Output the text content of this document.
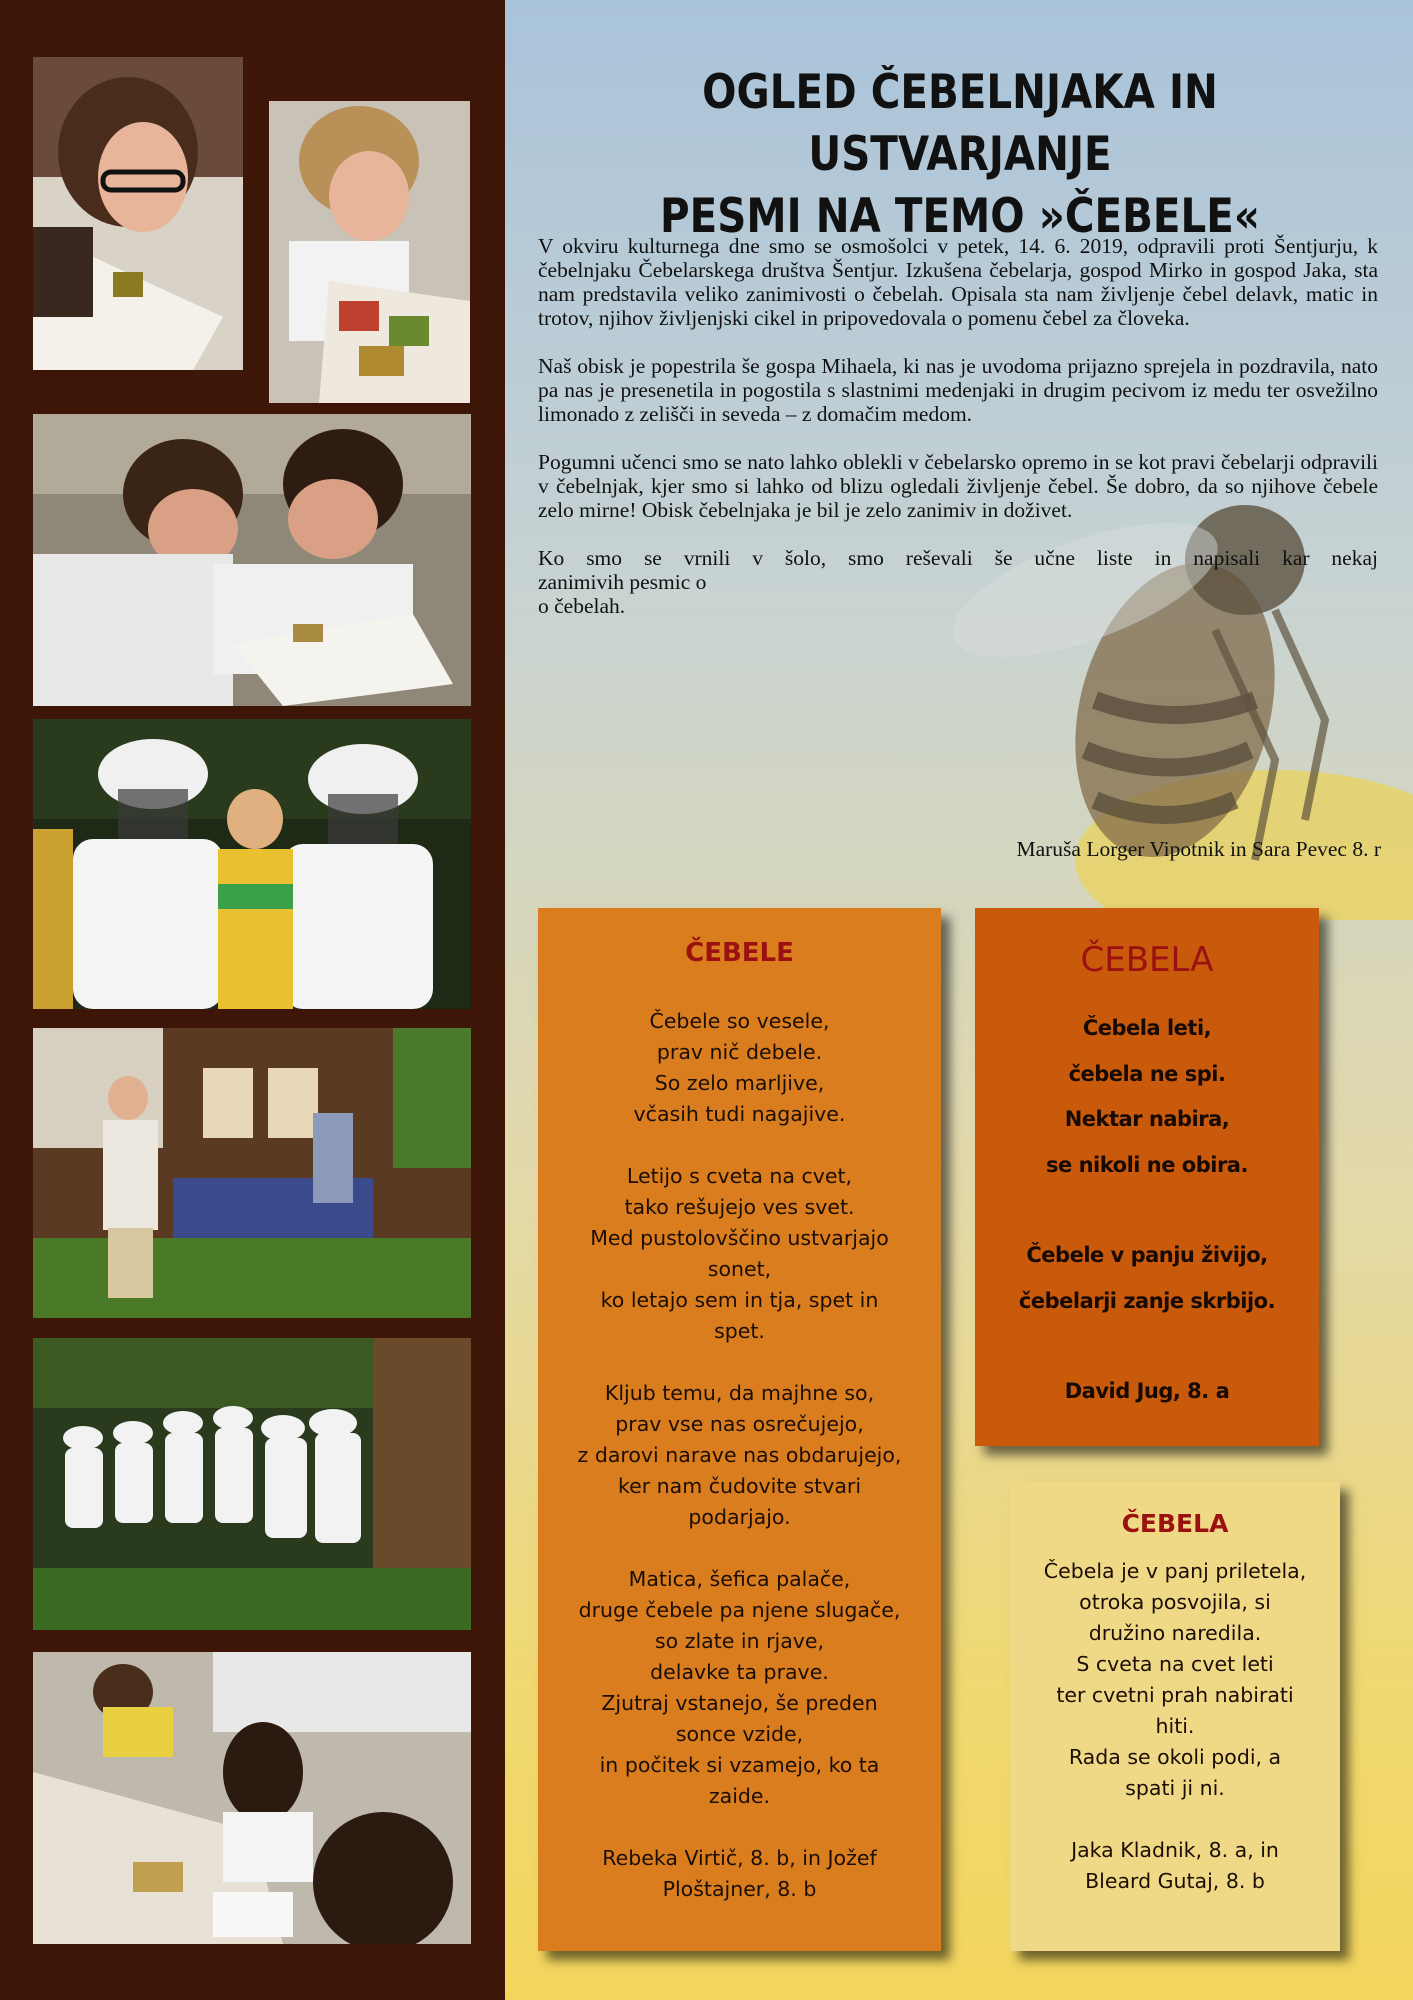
OGLED ČEBELNJAKA IN USTVARJANJE
PESMI NA TEMO »ČEBELE«

V okviru kulturnega dne smo se osmošolci v petek, 14. 6. 2019, odpravili proti Šentjurju, k čebelnjaku Čebelarskega društva Šentjur. Izkušena čebelarja, gospod Mirko in gospod Jaka, sta nam predstavila veliko zanimivosti o čebelah. Opisala sta nam življenje čebel delavk, matic in trotov, njihov življenjski cikel in pripovedovala o pomenu čebel za človeka.

Naš obisk je popestrila še gospa Mihaela, ki nas je uvodoma prijazno sprejela in pozdravila, nato pa nas je presenetila in pogostila s slastnimi medenjaki in drugim pecivom iz medu ter osvežilno limonado z zelišči in seveda – z domačim medom.

Pogumni učenci smo se nato lahko oblekli v čebelarsko opremo in se kot pravi čebelarji odpravili v čebelnjak, kjer smo si lahko od blizu ogledali življenje čebel. Še dobro, da so njihove čebele zelo mirne! Obisk čebelnjaka je bil je zelo zanimiv in doživet.

Ko smo se vrnili v šolo, smo reševali še učne liste in napisali kar nekaj
zanimivih pesmic o
o čebelah.

Maruša Lorger Vipotnik in Sara Pevec 8. r
ČEBELE
Čebele so vesele,
prav nič debele.
So zelo marljive,
včasih tudi nagajive.
Letijo s cveta na cvet,
tako rešujejo ves svet.
Med pustolovščino ustvarjajo
sonet,
ko letajo sem in tja, spet in
spet.
Kljub temu, da majhne so,
prav vse nas osrečujejo,
z darovi narave nas obdarujejo,
ker nam čudovite stvari
podarjajo.
Matica, šefica palače,
druge čebele pa njene slugače,
so zlate in rjave,
delavke ta prave.
Zjutraj vstanejo, še preden
sonce vzide,
in počitek si vzamejo, ko ta
zaide.
Rebeka Virtič, 8. b, in Jožef
Ploštajner, 8. b
ČEBELA
Čebela leti,
čebela ne spi.
Nektar nabira,
se nikoli ne obira.
Čebele v panju živijo,
čebelarji zanje skrbijo.
David Jug, 8. a
ČEBELA
Čebela je v panj priletela,
otroka posvojila, si
družino naredila.
S cveta na cvet leti
ter cvetni prah nabirati
hiti.
Rada se okoli podi, a
spati ji ni.
Jaka Kladnik, 8. a, in
Bleard Gutaj, 8. b
